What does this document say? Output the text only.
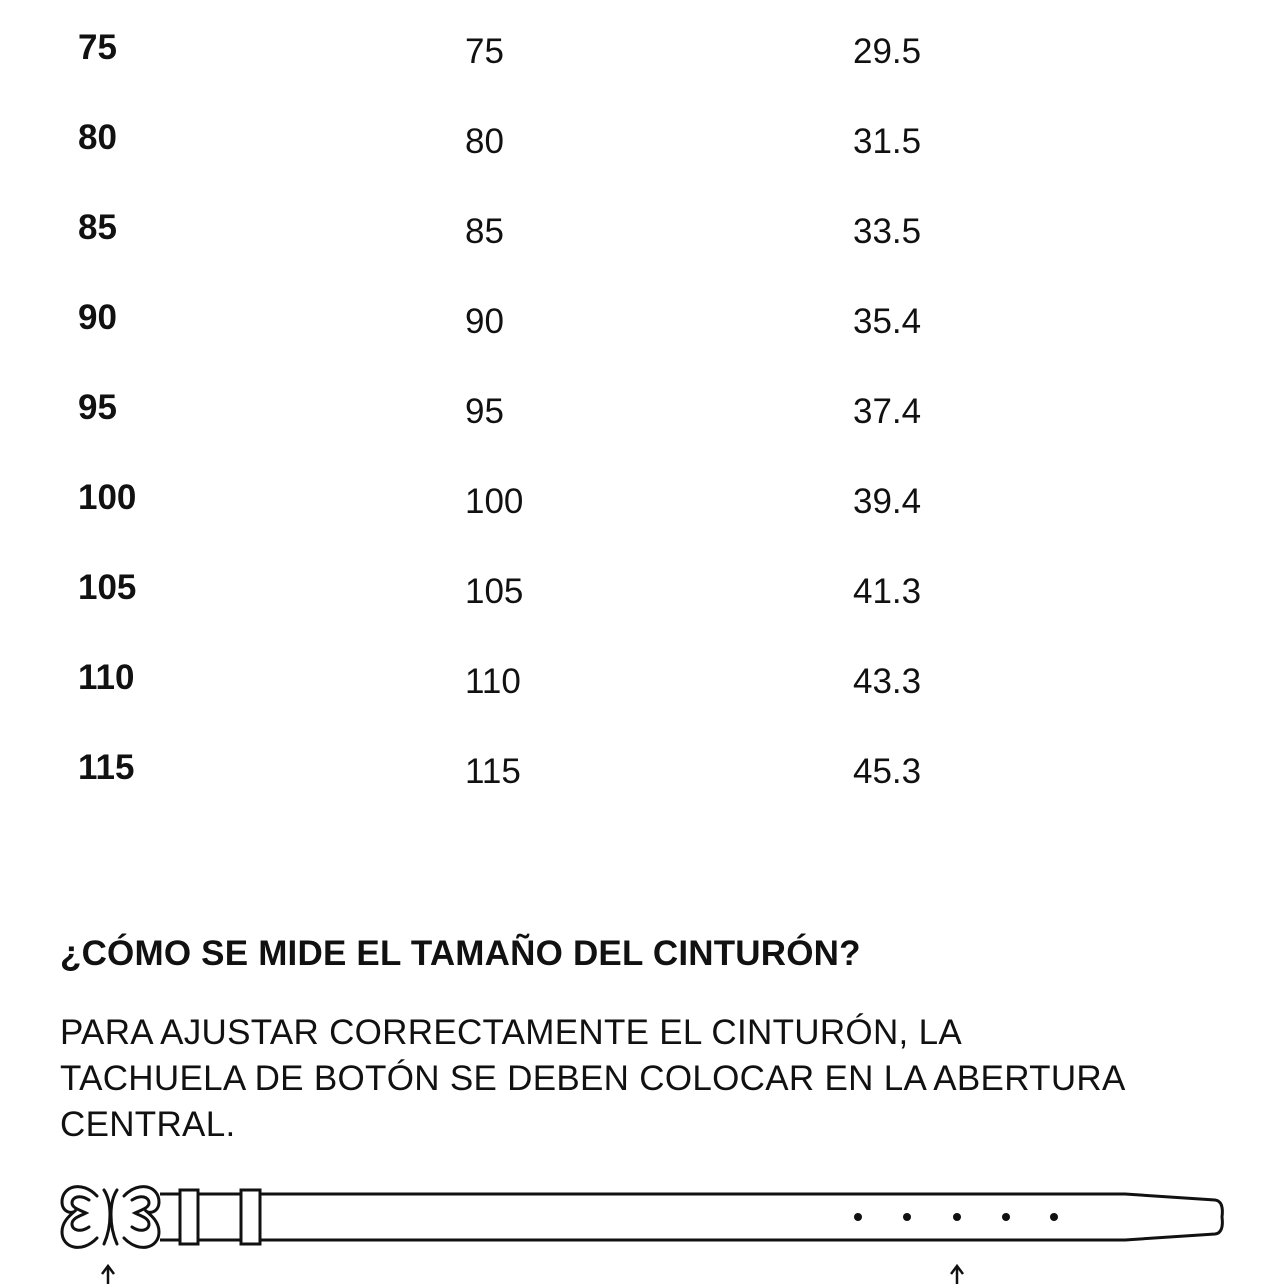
75	75	29.5
80	80	31.5
85	85	33.5
90	90	35.4
95	95	37.4
100	100	39.4
105	105	41.3
110	110	43.3
115	115	45.3
¿CÓMO SE MIDE EL TAMAÑO DEL CINTURÓN?
PARA AJUSTAR CORRECTAMENTE EL CINTURÓN, LA
TACHUELA DE BOTÓN SE DEBEN COLOCAR EN LA ABERTURA
CENTRAL.
